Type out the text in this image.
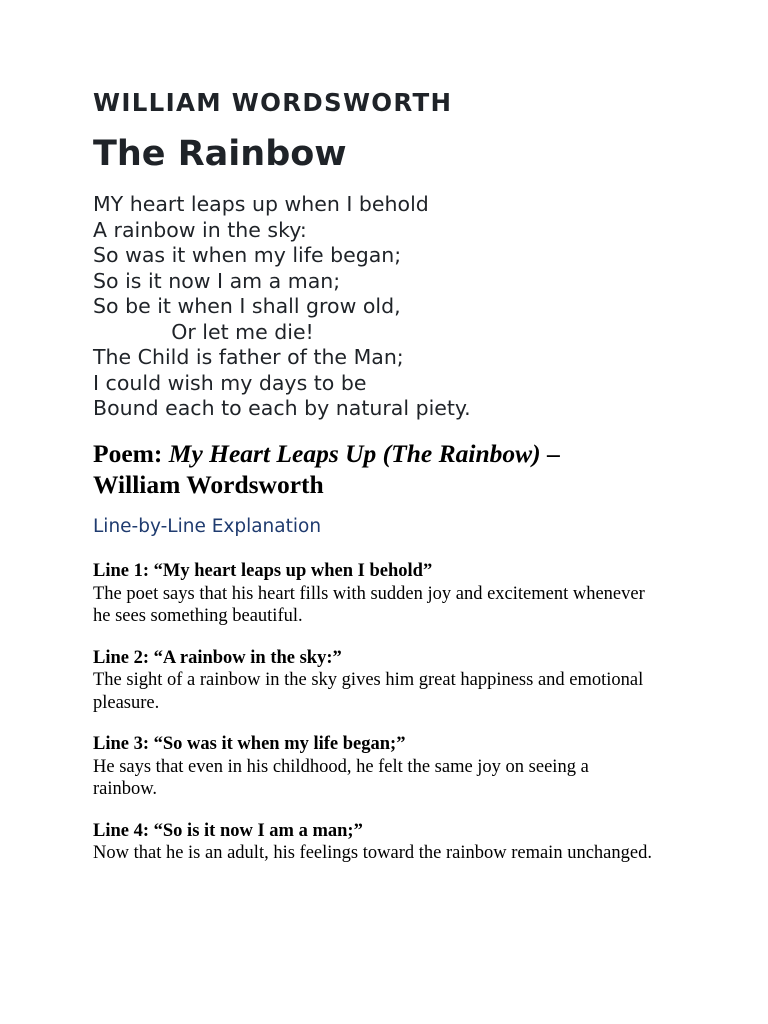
WILLIAM WORDSWORTH
The Rainbow
MY heart leaps up when I behold
A rainbow in the sky:
So was it when my life began;
So is it now I am a man;
So be it when I shall grow old,
Or let me die!
The Child is father of the Man;
I could wish my days to be
Bound each to each by natural piety.
Poem: My Heart Leaps Up (The Rainbow) – William Wordsworth
Line-by-Line Explanation

Line 1: “My heart leaps up when I behold”
The poet says that his heart fills with sudden joy and excitement whenever he sees something beautiful.

Line 2: “A rainbow in the sky:”
The sight of a rainbow in the sky gives him great happiness and emotional pleasure.

Line 3: “So was it when my life began;”
He says that even in his childhood, he felt the same joy on seeing a rainbow.

Line 4: “So is it now I am a man;”
Now that he is an adult, his feelings toward the rainbow remain unchanged.
